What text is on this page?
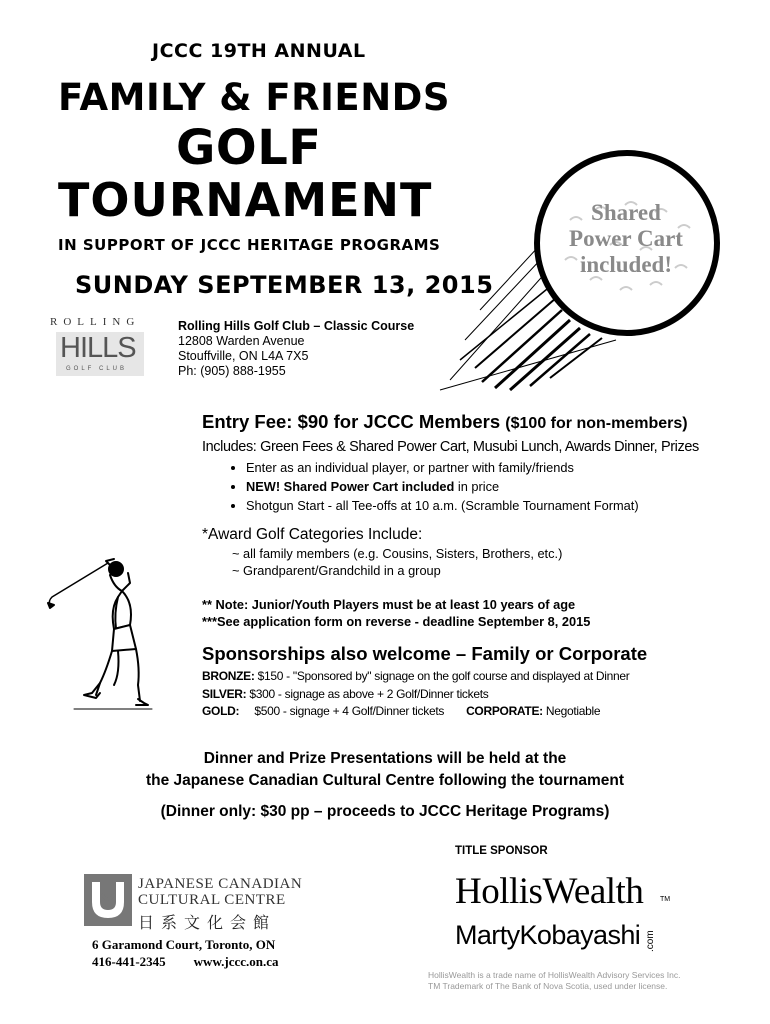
JCCC 19TH ANNUAL
FAMILY & FRIENDS
GOLF
TOURNAMENT
IN SUPPORT OF JCCC HERITAGE PROGRAMS
SUNDAY SEPTEMBER 13, 2015
Shared
Power Cart
included!
ROLLING
HILLS
GOLF CLUB
Rolling Hills Golf Club – Classic Course
12808 Warden Avenue
Stouffville, ON L4A 7X5
Ph: (905) 888-1955
Entry Fee: $90 for JCCC Members ($100 for non-members)
Includes: Green Fees & Shared Power Cart, Musubi Lunch, Awards Dinner, Prizes
• Enter as an individual player, or partner with family/friends
• NEW! Shared Power Cart included in price
• Shotgun Start - all Tee-offs at 10 a.m. (Scramble Tournament Format)
*Award Golf Categories Include:
~ all family members (e.g. Cousins, Sisters, Brothers, etc.)
~ Grandparent/Grandchild in a group
** Note: Junior/Youth Players must be at least 10 years of age
***See application form on reverse - deadline September 8, 2015
Sponsorships also welcome – Family or Corporate
BRONZE: $150 - "Sponsored by" signage on the golf course and displayed at Dinner
SILVER: $300 - signage as above + 2 Golf/Dinner tickets
GOLD:     $500 - signage + 4 Golf/Dinner tickets CORPORATE: Negotiable
Dinner and Prize Presentations will be held at the
the Japanese Canadian Cultural Centre following the tournament
(Dinner only: $30 pp – proceeds to JCCC Heritage Programs)
TITLE SPONSOR
JAPANESE CANADIAN
CULTURAL CENTRE
日系文化会館
6 Garamond Court, Toronto, ON
416-441-2345 www.jccc.on.ca
HollisWealth TM
MartyKobayashi .com
HollisWealth is a trade name of HollisWealth Advisory Services Inc.
TM Trademark of The Bank of Nova Scotia, used under license.
